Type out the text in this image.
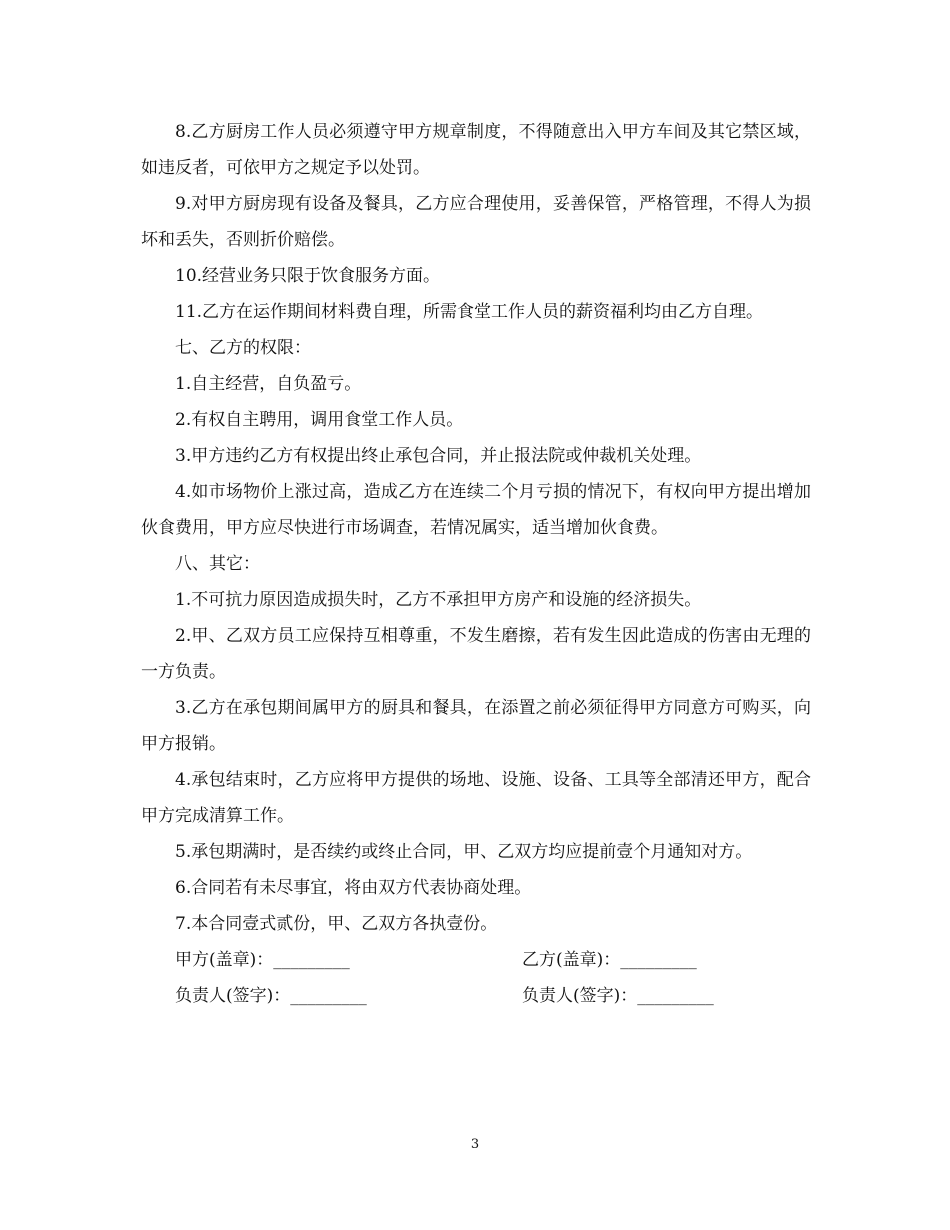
8.乙方厨房工作人员必须遵守甲方规章制度，不得随意出入甲方车间及其它禁区域，如违反者，可依甲方之规定予以处罚。

9.对甲方厨房现有设备及餐具，乙方应合理使用，妥善保管，严格管理，不得人为损坏和丢失，否则折价赔偿。

10.经营业务只限于饮食服务方面。

11.乙方在运作期间材料费自理，所需食堂工作人员的薪资福利均由乙方自理。

七、乙方的权限：

1.自主经营，自负盈亏。

2.有权自主聘用，调用食堂工作人员。

3.甲方违约乙方有权提出终止承包合同，并止报法院或仲裁机关处理。

4.如市场物价上涨过高，造成乙方在连续二个月亏损的情况下，有权向甲方提出增加伙食费用，甲方应尽快进行市场调查，若情况属实，适当增加伙食费。

八、其它：

1.不可抗力原因造成损失时，乙方不承担甲方房产和设施的经济损失。

2.甲、乙双方员工应保持互相尊重，不发生磨擦，若有发生因此造成的伤害由无理的一方负责。

3.乙方在承包期间属甲方的厨具和餐具，在添置之前必须征得甲方同意方可购买，向甲方报销。

4.承包结束时，乙方应将甲方提供的场地、设施、设备、工具等全部清还甲方，配合甲方完成清算工作。

5.承包期满时，是否续约或终止合同，甲、乙双方均应提前壹个月通知对方。

6.合同若有未尽事宜，将由双方代表协商处理。

7.本合同壹式贰份，甲、乙双方各执壹份。

甲方(盖章)：_________	乙方(盖章)：_________
负责人(签字)：_________	负责人(签字)：_________
3
